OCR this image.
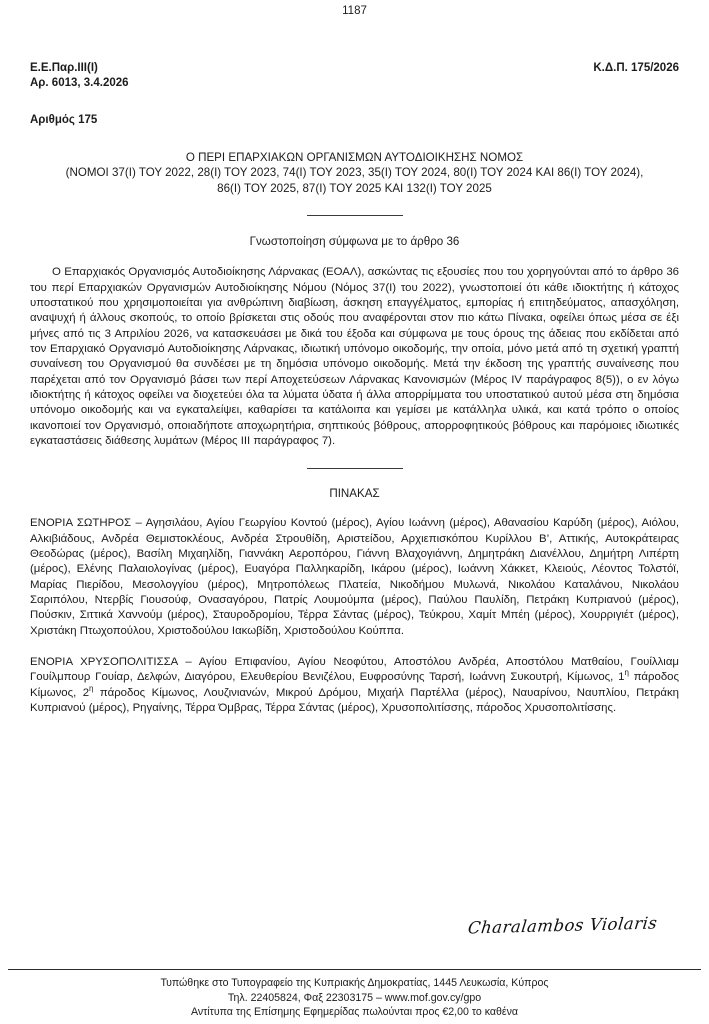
1187
Ε.Ε.Παρ.ΙΙΙ(Ι)	Κ.Δ.Π. 175/2026
Αρ. 6013, 3.4.2026
Αριθμός 175
Ο ΠΕΡΙ ΕΠΑΡΧΙΑΚΩΝ ΟΡΓΑΝΙΣΜΩΝ ΑΥΤΟΔΙΟΙΚΗΣΗΣ ΝΟΜΟΣ
(ΝΟΜΟΙ 37(Ι) ΤΟΥ 2022, 28(Ι) ΤΟΥ 2023, 74(Ι) ΤΟΥ 2023, 35(Ι) ΤΟΥ 2024, 80(Ι) ΤΟΥ 2024 ΚΑΙ 86(Ι) ΤΟΥ 2024),
86(Ι) ΤΟΥ 2025, 87(Ι) ΤΟΥ 2025 ΚΑΙ 132(Ι) ΤΟΥ 2025
Γνωστοποίηση σύμφωνα με το άρθρο 36

Ο Επαρχιακός Οργανισμός Αυτοδιοίκησης Λάρνακας (ΕΟΑΛ), ασκώντας τις εξουσίες που του χορηγούνται από το άρθρο 36 του περί Επαρχιακών Οργανισμών Αυτοδιοίκησης Νόμου (Νόμος 37(Ι) του 2022), γνωστοποιεί ότι κάθε ιδιοκτήτης ή κάτοχος υποστατικού που χρησιμοποιείται για ανθρώπινη διαβίωση, άσκηση επαγγέλματος, εμπορίας ή επιτηδεύματος, απασχόληση, αναψυχή ή άλλους σκοπούς, το οποίο βρίσκεται στις οδούς που αναφέρονται στον πιο κάτω Πίνακα, οφείλει όπως μέσα σε έξι μήνες από τις 3 Απριλίου 2026, να κατασκευάσει με δικά του έξοδα και σύμφωνα με τους όρους της άδειας που εκδίδεται από τον Επαρχιακό Οργανισμό Αυτοδιοίκησης Λάρνακας, ιδιωτική υπόνομο οικοδομής, την οποία, μόνο μετά από τη σχετική γραπτή συναίνεση του Οργανισμού θα συνδέσει με τη δημόσια υπόνομο οικοδομής. Μετά την έκδοση της γραπτής συναίνεσης που παρέχεται από τον Οργανισμό βάσει των περί Αποχετεύσεων Λάρνακας Κανονισμών (Μέρος IV παράγραφος 8(5)), ο εν λόγω ιδιοκτήτης ή κάτοχος οφείλει να διοχετεύει όλα τα λύματα ύδατα ή άλλα απορρίμματα του υποστατικού αυτού μέσα στη δημόσια υπόνομο οικοδομής και να εγκαταλείψει, καθαρίσει τα κατάλοιπα και γεμίσει με κατάλληλα υλικά, και κατά τρόπο ο οποίος ικανοποιεί τον Οργανισμό, οποιαδήποτε αποχωρητήρια, σηπτικούς βόθρους, απορροφητικούς βόθρους και παρόμοιες ιδιωτικές εγκαταστάσεις διάθεσης λυμάτων (Μέρος ΙΙΙ παράγραφος 7).

ΠΙΝΑΚΑΣ

ΕΝΟΡΙΑ ΣΩΤΗΡΟΣ – Αγησιλάου, Αγίου Γεωργίου Κοντού (μέρος), Αγίου Ιωάννη (μέρος), Αθανασίου Καρύδη (μέρος), Αιόλου, Αλκιβιάδους, Ανδρέα Θεμιστοκλέους, Ανδρέα Στρουθίδη, Αριστείδου, Αρχιεπισκόπου Κυρίλλου Β’, Αττικής, Αυτοκράτειρας Θεοδώρας (μέρος), Βασίλη Μιχαηλίδη, Γιαννάκη Αεροπόρου, Γιάννη Βλαχογιάννη, Δημητράκη Διανέλλου, Δημήτρη Λιπέρτη (μέρος), Ελένης Παλαιολογίνας (μέρος), Ευαγόρα Παλληκαρίδη, Ικάρου (μέρος), Ιωάννη Χάκκετ, Κλειούς, Λέοντος Τολστόϊ, Μαρίας Πιερίδου, Μεσολογγίου (μέρος), Μητροπόλεως Πλατεία, Νικοδήμου Μυλωνά, Νικολάου Καταλάνου, Νικολάου Σαριπόλου, Ντερβίς Γιουσούφ, Ονασαγόρου, Πατρίς Λουμούμπα (μέρος), Παύλου Παυλίδη, Πετράκη Κυπριανού (μέρος), Πούσκιν, Σιττικά Χαννούμ (μέρος), Σταυροδρομίου, Τέρρα Σάντας (μέρος), Τεύκρου, Χαμίτ Μπέη (μέρος), Χουρριγιέτ (μέρος), Χριστάκη Πτωχοπούλου, Χριστοδούλου Ιακωβίδη, Χριστοδούλου Κούππα.

ΕΝΟΡΙΑ ΧΡΥΣΟΠΟΛΙΤΙΣΣΑ – Αγίου Επιφανίου, Αγίου Νεοφύτου, Αποστόλου Ανδρέα, Αποστόλου Ματθαίου, Γουίλλιαμ Γουίλμπουρ Γουίαρ, Δελφών, Διαγόρου, Ελευθερίου Βενιζέλου, Ευφροσύνης Ταρσή, Ιωάννη Συκουτρή, Κίμωνος, $1^\eta$ πάροδος Κίμωνος, $2^\eta$ πάροδος Κίμωνος, Λουζινιανών, Μικρού Δρόμου, Μιχαήλ Παρτέλλα (μέρος), Ναυαρίνου, Ναυπλίου, Πετράκη Κυπριανού (μέρος), Ρηγαίνης, Τέρρα Όμβρας, Τέρρα Σάντας (μέρος), Χρυσοπολιτίσσης, πάροδος Χρυσοπολιτίσσης.

Charalambos Violaris
Τυπώθηκε στο Τυπογραφείο της Κυπριακής Δημοκρατίας, 1445 Λευκωσία, Κύπρος
Τηλ. 22405824, Φαξ 22303175 – www.mof.gov.cy/gpo
Αντίτυπα της Επίσημης Εφημερίδας πωλούνται προς €2,00 το καθένα
